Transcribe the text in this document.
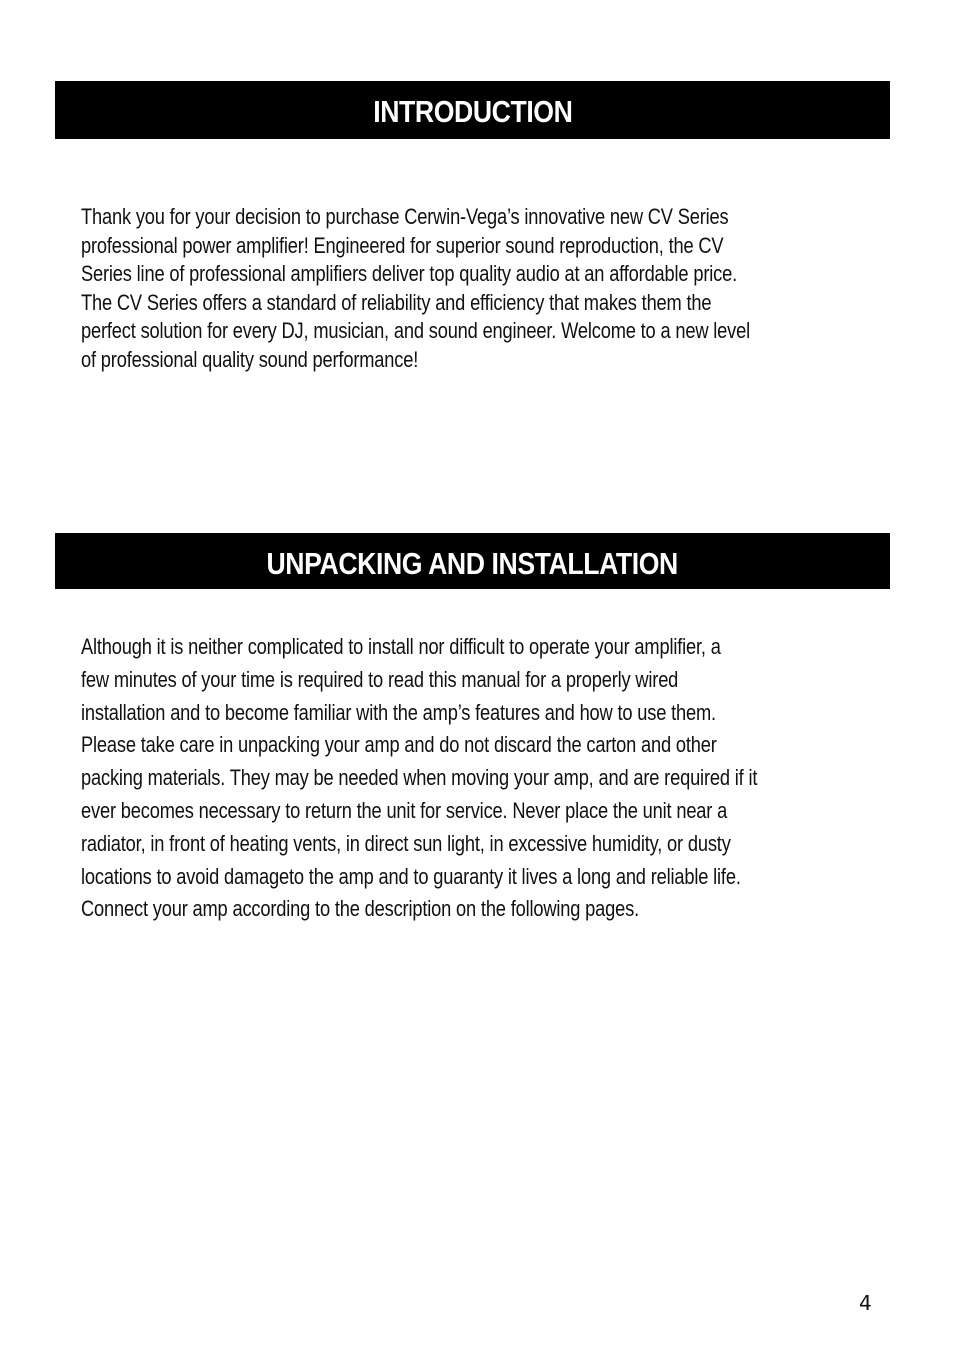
INTRODUCTION

Thank you for your decision to purchase Cerwin-Vega’s innovative new CV Series
professional power amplifier! Engineered for superior sound reproduction, the CV
Series line of professional amplifiers deliver top quality audio at an affordable price.
The CV Series offers a standard of reliability and efficiency that makes them the
perfect solution for every DJ, musician, and sound engineer. Welcome to a new level
of professional quality sound performance!

UNPACKING AND INSTALLATION

Although it is neither complicated to install nor difficult to operate your amplifier, a
few minutes of your time is required to read this manual for a properly wired
installation and to become familiar with the amp’s features and how to use them.
Please take care in unpacking your amp and do not discard the carton and other
packing materials. They may be needed when moving your amp, and are required if it
ever becomes necessary to return the unit for service. Never place the unit near a
radiator, in front of heating vents, in direct sun light, in excessive humidity, or dusty
locations to avoid damageto the amp and to guaranty it lives a long and reliable life.
Connect your amp according to the description on the following pages.

4
